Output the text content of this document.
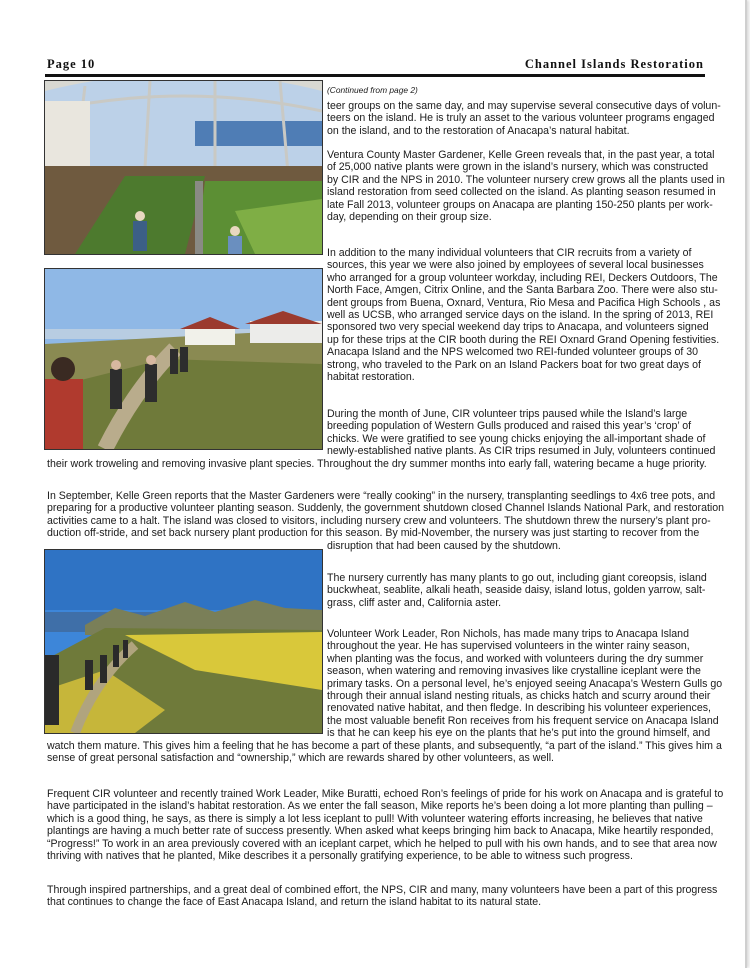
Page 10	Channel Islands Restoration
(Continued from page 2)
teer groups on the same day, and may supervise several consecutive days of volun-
teers on the island. He is truly an asset to the various volunteer programs engaged
on the island, and to the restoration of Anacapa’s natural habitat.
Ventura County Master Gardener, Kelle Green reveals that, in the past year, a total
of 25,000 native plants were grown in the island’s nursery, which was constructed
by CIR and the NPS in 2010. The volunteer nursery crew grows all the plants used in
island restoration from seed collected on the island. As planting season resumed in
late Fall 2013, volunteer groups on Anacapa are planting 150-250 plants per work-
day, depending on their group size.
In addition to the many individual volunteers that CIR recruits from a variety of
sources, this year we were also joined by employees of several local businesses
who arranged for a group volunteer workday, including REI, Deckers Outdoors, The
North Face, Amgen, Citrix Online, and the Santa Barbara Zoo. There were also stu-
dent groups from Buena, Oxnard, Ventura, Rio Mesa and Pacifica High Schools , as
well as UCSB, who arranged service days on the island. In the spring of 2013, REI
sponsored two very special weekend day trips to Anacapa, and volunteers signed
up for these trips at the CIR booth during the REI Oxnard Grand Opening festivities.
Anacapa Island and the NPS welcomed two REI-funded volunteer groups of 30
strong, who traveled to the Park on an Island Packers boat for two great days of
habitat restoration.
During the month of June, CIR volunteer trips paused while the Island’s large
breeding population of Western Gulls produced and raised this year’s ‘crop’ of
chicks. We were gratified to see young chicks enjoying the all-important shade of
newly-established native plants. As CIR trips resumed in July, volunteers continued
their work troweling and removing invasive plant species. Throughout the dry summer months into early fall, watering became a huge priority.
In September, Kelle Green reports that the Master Gardeners were “really cooking” in the nursery, transplanting seedlings to 4x6 tree pots, and
preparing for a productive volunteer planting season. Suddenly, the government shutdown closed Channel Islands National Park, and restoration
activities came to a halt. The island was closed to visitors, including nursery crew and volunteers. The shutdown threw the nursery’s plant pro-
duction off-stride, and set back nursery plant production for this season. By mid-November, the nursery was just starting to recover from the
disruption that had been caused by the shutdown.
The nursery currently has many plants to go out, including giant coreopsis, island
buckwheat, seablite, alkali heath, seaside daisy, island lotus, golden yarrow, salt-
grass, cliff aster and, California aster.
Volunteer Work Leader, Ron Nichols, has made many trips to Anacapa Island
throughout the year. He has supervised volunteers in the winter rainy season,
when planting was the focus, and worked with volunteers during the dry summer
season, when watering and removing invasives like crystalline iceplant were the
primary tasks. On a personal level, he’s enjoyed seeing Anacapa’s Western Gulls go
through their annual island nesting rituals, as chicks hatch and scurry around their
renovated native habitat, and then fledge. In describing his volunteer experiences,
the most valuable benefit Ron receives from his frequent service on Anacapa Island
is that he can keep his eye on the plants that he’s put into the ground himself, and
watch them mature. This gives him a feeling that he has become a part of these plants, and subsequently, “a part of the island.” This gives him a
sense of great personal satisfaction and “ownership,” which are rewards shared by other volunteers, as well.
Frequent CIR volunteer and recently trained Work Leader, Mike Buratti, echoed Ron’s feelings of pride for his work on Anacapa and is grateful to
have participated in the island’s habitat restoration. As we enter the fall season, Mike reports he’s been doing a lot more planting than pulling –
which is a good thing, he says, as there is simply a lot less iceplant to pull! With volunteer watering efforts increasing, he believes that native
plantings are having a much better rate of success presently. When asked what keeps bringing him back to Anacapa, Mike heartily responded,
“Progress!” To work in an area previously covered with an iceplant carpet, which he helped to pull with his own hands, and to see that area now
thriving with natives that he planted, Mike describes it a personally gratifying experience, to be able to witness such progress.
Through inspired partnerships, and a great deal of combined effort, the NPS, CIR and many, many volunteers have been a part of this progress
that continues to change the face of East Anacapa Island, and return the island habitat to its natural state.
